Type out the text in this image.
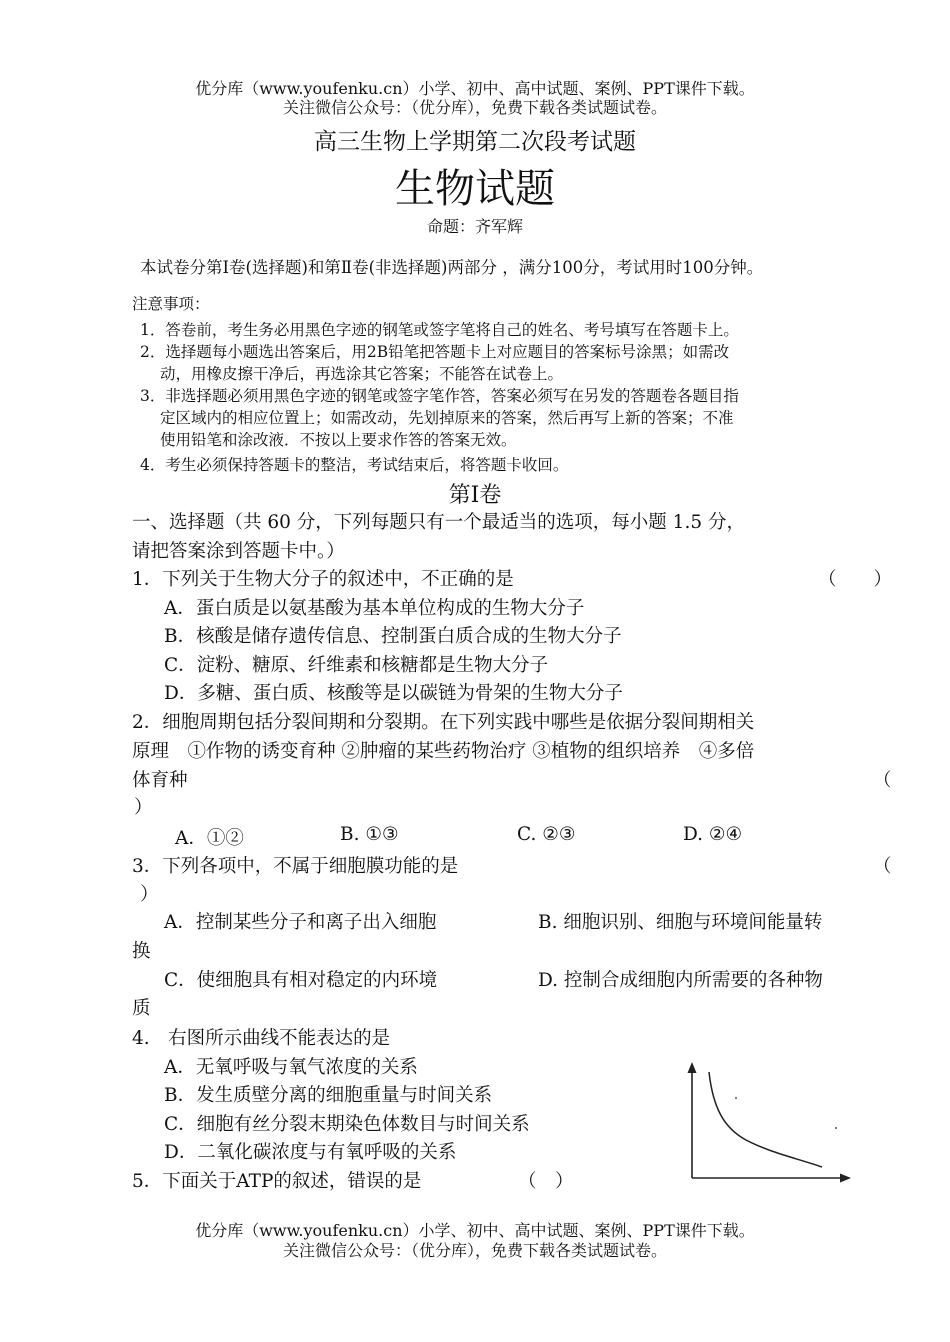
优分库（www.youfenku.cn）小学、初中、高中试题、案例、PPT课件下载。
关注微信公众号：（优分库），免费下载各类试题试卷。
高三生物上学期第二次段考试题
生物试题
命题：齐军辉
本试卷分第Ⅰ卷(选择题)和第Ⅱ卷(非选择题)两部分 ，满分100分，考试用时100分钟。
注意事项：
1．答卷前，考生务必用黑色字迹的钢笔或签字笔将自己的姓名、考号填写在答题卡上。
2．选择题每小题选出答案后，用2B铅笔把答题卡上对应题目的答案标号涂黑；如需改
动，用橡皮擦干净后，再选涂其它答案；不能答在试卷上。
3．非选择题必须用黑色字迹的钢笔或签字笔作答，答案必须写在另发的答题卷各题目指
定区域内的相应位置上；如需改动，先划掉原来的答案，然后再写上新的答案；不准
使用铅笔和涂改液．不按以上要求作答的答案无效。
4．考生必须保持答题卡的整洁，考试结束后，将答题卡收回。
第Ⅰ卷
一、选择题（共 60 分，下列每题只有一个最适当的选项，每小题 1.5 分，
请把答案涂到答题卡中。）
1．下列关于生物大分子的叙述中，不正确的是	（　　）
A．蛋白质是以氨基酸为基本单位构成的生物大分子
B．核酸是储存遗传信息、控制蛋白质合成的生物大分子
C．淀粉、糖原、纤维素和核糖都是生物大分子
D．多糖、蛋白质、核酸等是以碳链为骨架的生物大分子
2．细胞周期包括分裂间期和分裂期。在下列实践中哪些是依据分裂间期相关
原理　①作物的诱变育种 ②肿瘤的某些药物治疗 ③植物的组织培养　④多倍
体育种	（
）
A．①②	B. ①③	C. ②③	D. ②④
3．下列各项中，不属于细胞膜功能的是	（
）
A．控制某些分子和离子出入细胞	B. 细胞识别、细胞与环境间能量转
换
C．使细胞具有相对稳定的内环境	D. 控制合成细胞内所需要的各种物
质
4.　右图所示曲线不能表达的是
A．无氧呼吸与氧气浓度的关系
B．发生质壁分离的细胞重量与时间关系
C．细胞有丝分裂末期染色体数目与时间关系
D．二氧化碳浓度与有氧呼吸的关系
5．下面关于ATP的叙述，错误的是	（　）
优分库（www.youfenku.cn）小学、初中、高中试题、案例、PPT课件下载。
关注微信公众号：（优分库），免费下载各类试题试卷。
